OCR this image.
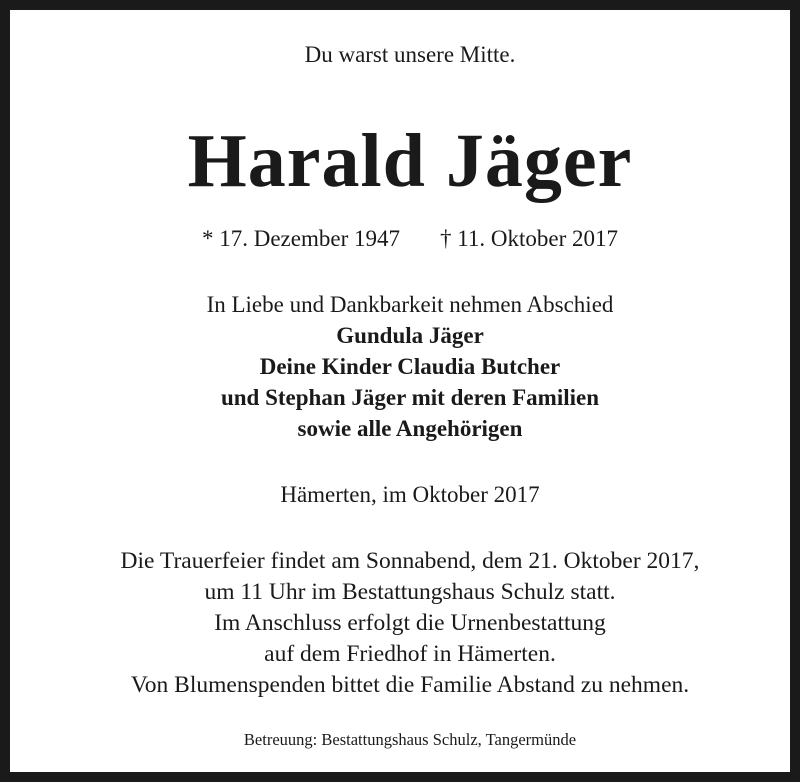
Du warst unsere Mitte.
Harald Jäger
* 17. Dezember 1947 † 11. Oktober 2017
In Liebe und Dankbarkeit nehmen Abschied
Gundula Jäger
Deine Kinder Claudia Butcher
und Stephan Jäger mit deren Familien
sowie alle Angehörigen
Hämerten, im Oktober 2017
Die Trauerfeier findet am Sonnabend, dem 21. Oktober 2017,
um 11 Uhr im Bestattungshaus Schulz statt.
Im Anschluss erfolgt die Urnenbestattung
auf dem Friedhof in Hämerten.
Von Blumenspenden bittet die Familie Abstand zu nehmen.
Betreuung: Bestattungshaus Schulz, Tangermünde
